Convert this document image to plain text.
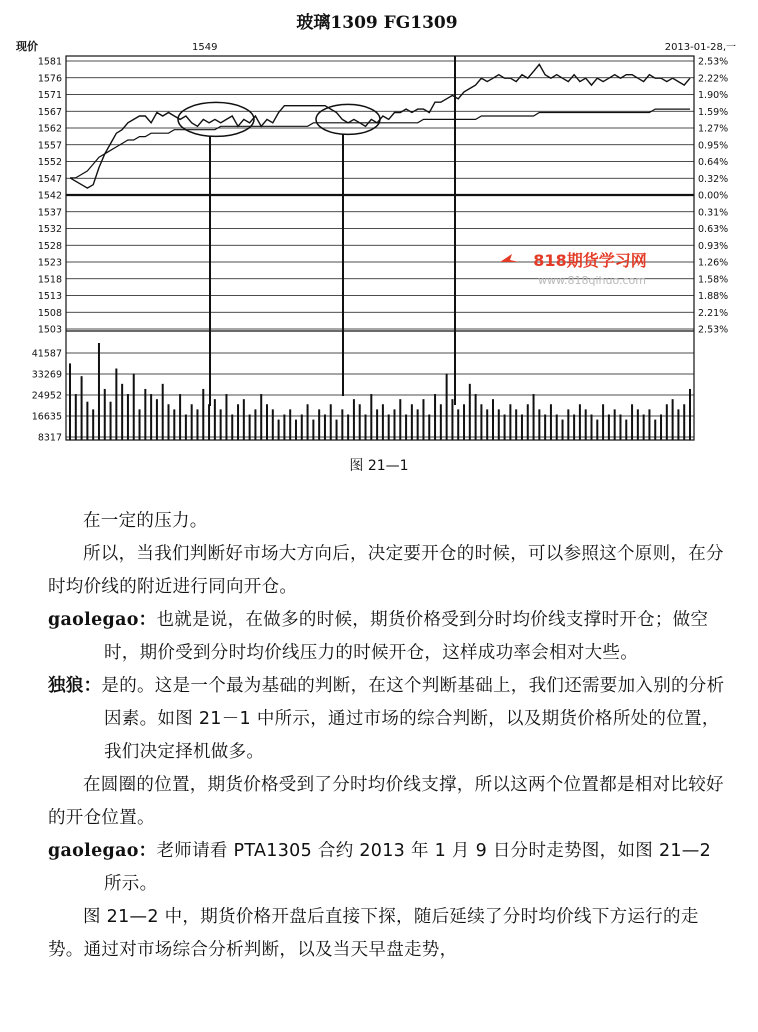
玻璃1309 FG1309
现价	1549	2013-01-28,一
1581	2.53%
1576	2.22%
1571	1.90%
1567	1.59%
1562	1.27%
1557	0.95%
1552	0.64%
1547	0.32%
1542	0.00%
1537	0.31%
1532	0.63%
1528	0.93%
1523	1.26%
1518	1.58%
1513	1.88%
1508	2.21%
1503	2.53%
41587
33269
24952
16635
8317
818期货学习网
www.818qihuo.com
图 21—1

在一定的压力。

所以，当我们判断好市场大方向后，决定要开仓的时候，可以参照这个原则，在分时均价线的附近进行同向开仓。

gaolegao：也就是说，在做多的时候，期货价格受到分时均价线支撑时开仓；做空时，期价受到分时均价线压力的时候开仓，这样成功率会相对大些。

独狼：是的。这是一个最为基础的判断，在这个判断基础上，我们还需要加入别的分析因素。如图 21－1 中所示，通过市场的综合判断，以及期货价格所处的位置，我们决定择机做多。

在圆圈的位置，期货价格受到了分时均价线支撑，所以这两个位置都是相对比较好的开仓位置。

gaolegao：老师请看 PTA1305 合约 2013 年 1 月 9 日分时走势图，如图 21—2所示。

图 21—2 中，期货价格开盘后直接下探，随后延续了分时均价线下方运行的走势。通过对市场综合分析判断，以及当天早盘走势，
